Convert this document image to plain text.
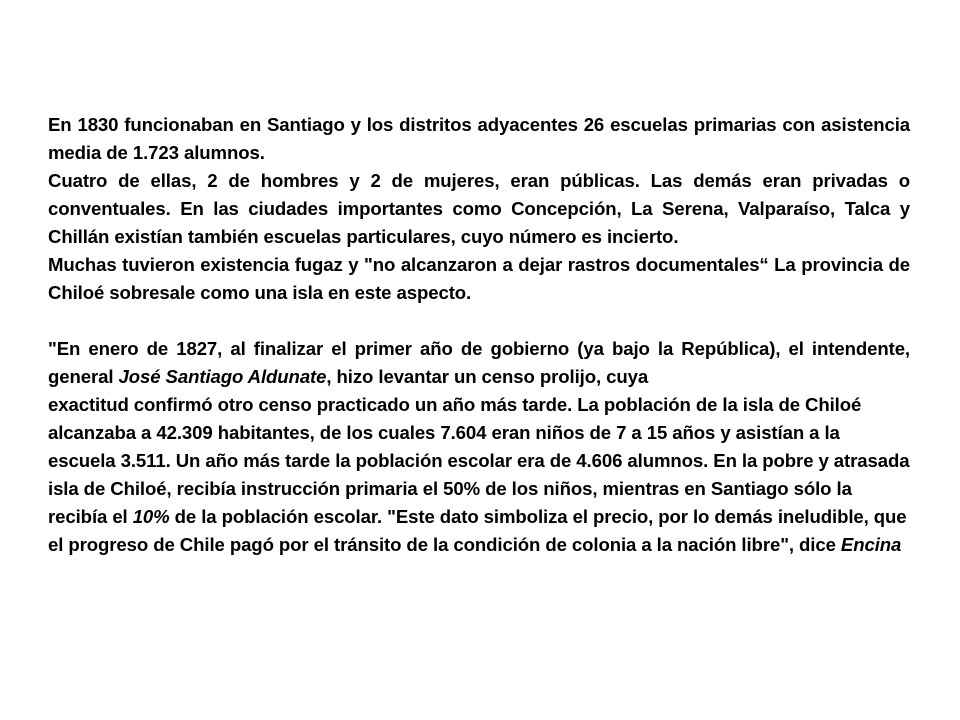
En 1830 funcionaban en Santiago y los distritos adyacentes 26 escuelas primarias con asistencia media de 1.723 alumnos.

Cuatro de ellas, 2 de hombres y 2 de mujeres, eran públicas. Las demás eran privadas o conventuales. En las ciudades importantes como Concepción, La Serena, Valparaíso, Talca y Chillán existían también escuelas particulares, cuyo número es incierto.

Muchas tuvieron existencia fugaz y "no alcanzaron a dejar rastros documentales“ La provincia de Chiloé sobresale como una isla en este aspecto.

"En enero de 1827, al finalizar el primer año de gobierno (ya bajo la República), el intendente, general José Santiago Aldunate, hizo levantar un censo prolijo, cuya

exactitud confirmó otro censo practicado un año más tarde. La población de la isla de Chiloé alcanzaba a 42.309 habitantes, de los cuales 7.604 eran niños de 7 a 15 años y asistían a la escuela 3.511. Un año más tarde la población escolar era de 4.606 alumnos. En la pobre y atrasada isla de Chiloé, recibía instrucción primaria el 50% de los niños, mientras en Santiago sólo la recibía el 10% de la población escolar. "Este dato simboliza el precio, por lo demás ineludible, que el progreso de Chile pagó por el tránsito de la condición de colonia a la nación libre", dice Encina
